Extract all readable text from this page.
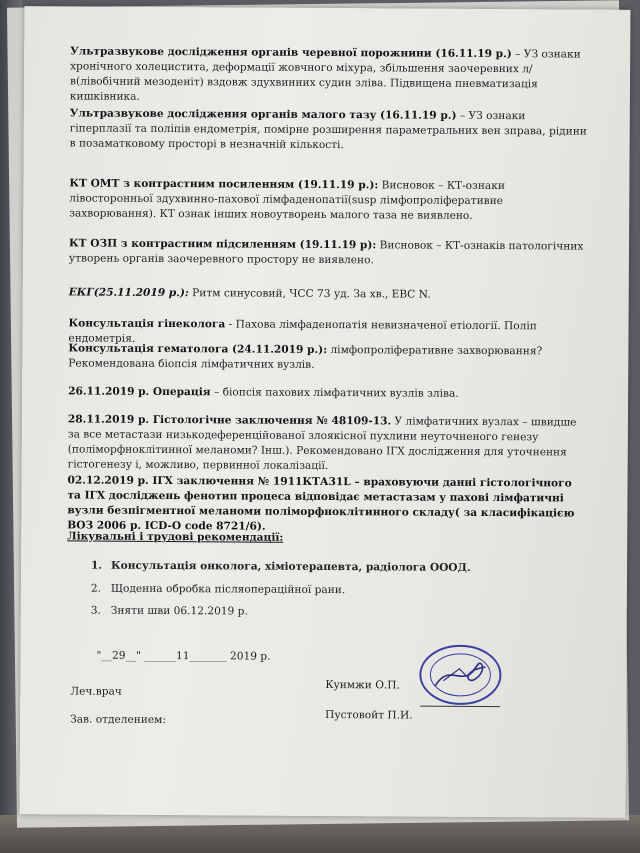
Ультразвукове дослідження органів черевної порожнини (16.11.19 р.) – УЗ ознаки хронічного холецистита, деформації жовчного міхура, збільшення заочеревних л/в(лівобічний мезоденіт) вздовж здухвинних судин зліва. Підвищена пневматизація кишківника.

Ультразвукове дослідження органів малого тазу (16.11.19 р.) – УЗ ознаки гіперплазії та поліпів ендометрія, помірне розширення параметральних вен зправа, рідини в позаматковому просторі в незначній кількості.

КТ ОМТ з контрастним посиленням (19.11.19 р.): Висновок – КТ-ознаки лівосторонньої здухвинно-пахової лімфаденопатії(susp лімфопроліферативне захворювання). КТ ознак інших новоутворень малого таза не виявлено.

КТ ОЗП з контрастним підсиленням (19.11.19 р): Висновок – КТ-ознаків патологічних утворень органів заочеревного простору не виявлено.

ЕКГ(25.11.2019 р.): Ритм синусовий, ЧСС 73 уд. За хв., ЕВС N.

Консультація гінеколога - Пахова лімфаденопатія невизначеної етіології. Поліп ендометрія.

Консультація гематолога (24.11.2019 р.): лімфопроліферативне захворювання? Рекомендована біопсія лімфатичних вузлів.

26.11.2019 р. Операція – біопсія пахових лімфатичних вузлів зліва.

28.11.2019 р. Гістологічне заключення № 48109-13. У лімфатичних вузлах – швидше за все метастази низькодеференційованої злоякісної пухлини неуточненого генезу (поліморфноклітинної меланоми? Інш.). Рекомендовано ІГХ дослідження для уточнення гістогенезу і, можливо, первинної локалізації.

02.12.2019 р. ІГХ заключення № 1911КТА31L – враховуючи данні гістологічного та ІГХ досліджень фенотип процеса відповідає метастазам у пахові лімфатичні вузли безпігментної меланоми поліморфноклітинного складу( за класифікацією ВОЗ 2006 р. ICD-O code 8721/6).

Лікувальні і трудові рекомендації:

1. Консультація онколога, хіміотерапевта, радіолога ОООД.
2. Щоденна обробка післяопераційної рани.
3. Зняти шви 06.12.2019 р.
"__29__" ______11_______ 2019 р.
Кунмжи О.П.
Леч.врач
Пустовойт П.И.
Зав. отделением:
